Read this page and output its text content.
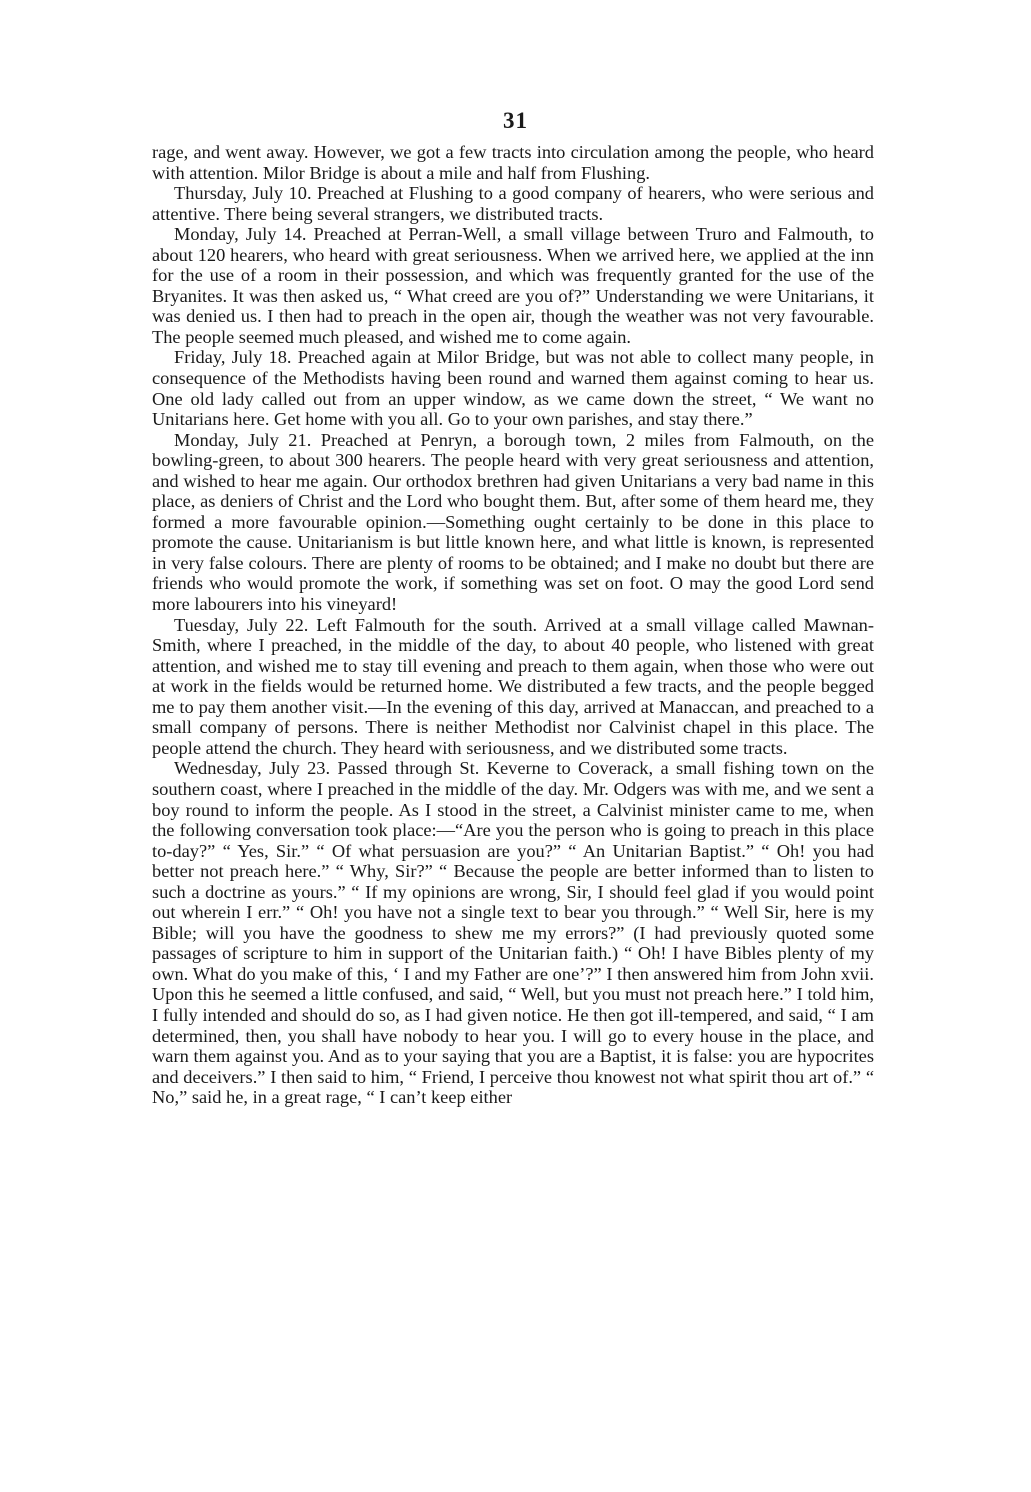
31

rage, and went away. However, we got a few tracts into circulation among the people, who heard with attention. Milor Bridge is about a mile and half from Flushing.

Thursday, July 10. Preached at Flushing to a good company of hearers, who were serious and attentive. There being several strangers, we distributed tracts.

Monday, July 14. Preached at Perran-Well, a small village between Truro and Falmouth, to about 120 hearers, who heard with great seriousness. When we arrived here, we applied at the inn for the use of a room in their possession, and which was frequently granted for the use of the Bryanites. It was then asked us, “ What creed are you of?” Understanding we were Unitarians, it was denied us. I then had to preach in the open air, though the weather was not very favourable. The people seemed much pleased, and wished me to come again.

Friday, July 18. Preached again at Milor Bridge, but was not able to collect many people, in consequence of the Methodists having been round and warned them against coming to hear us. One old lady called out from an upper window, as we came down the street, “ We want no Unitarians here. Get home with you all. Go to your own parishes, and stay there.”

Monday, July 21. Preached at Penryn, a borough town, 2 miles from Falmouth, on the bowling-green, to about 300 hearers. The people heard with very great seriousness and attention, and wished to hear me again. Our orthodox brethren had given Unitarians a very bad name in this place, as deniers of Christ and the Lord who bought them. But, after some of them heard me, they formed a more favourable opinion.—Something ought certainly to be done in this place to promote the cause. Unitarianism is but little known here, and what little is known, is represented in very false colours. There are plenty of rooms to be obtained; and I make no doubt but there are friends who would promote the work, if something was set on foot. O may the good Lord send more labourers into his vineyard!

Tuesday, July 22. Left Falmouth for the south. Arrived at a small village called Mawnan-Smith, where I preached, in the middle of the day, to about 40 people, who listened with great attention, and wished me to stay till evening and preach to them again, when those who were out at work in the fields would be returned home. We distributed a few tracts, and the people begged me to pay them another visit.—In the evening of this day, arrived at Manaccan, and preached to a small company of persons. There is neither Methodist nor Calvinist chapel in this place. The people attend the church. They heard with seriousness, and we distributed some tracts.

Wednesday, July 23. Passed through St. Keverne to Coverack, a small fishing town on the southern coast, where I preached in the middle of the day. Mr. Odgers was with me, and we sent a boy round to inform the people. As I stood in the street, a Calvinist minister came to me, when the following conversation took place:—“Are you the person who is going to preach in this place to-day?” “ Yes, Sir.” “ Of what persuasion are you?” “ An Unitarian Baptist.” “ Oh! you had better not preach here.” “ Why, Sir?” “ Because the people are better informed than to listen to such a doctrine as yours.” “ If my opinions are wrong, Sir, I should feel glad if you would point out wherein I err.” “ Oh! you have not a single text to bear you through.” “ Well Sir, here is my Bible; will you have the goodness to shew me my errors?” (I had previously quoted some passages of scripture to him in support of the Unitarian faith.) “ Oh! I have Bibles plenty of my own. What do you make of this, ‘ I and my Father are one’?” I then answered him from John xvii. Upon this he seemed a little confused, and said, “ Well, but you must not preach here.” I told him, I fully intended and should do so, as I had given notice. He then got ill-tempered, and said, “ I am determined, then, you shall have nobody to hear you. I will go to every house in the place, and warn them against you. And as to your saying that you are a Baptist, it is false: you are hypocrites and deceivers.” I then said to him, “ Friend, I perceive thou knowest not what spirit thou art of.” “ No,” said he, in a great rage, “ I can’t keep either
